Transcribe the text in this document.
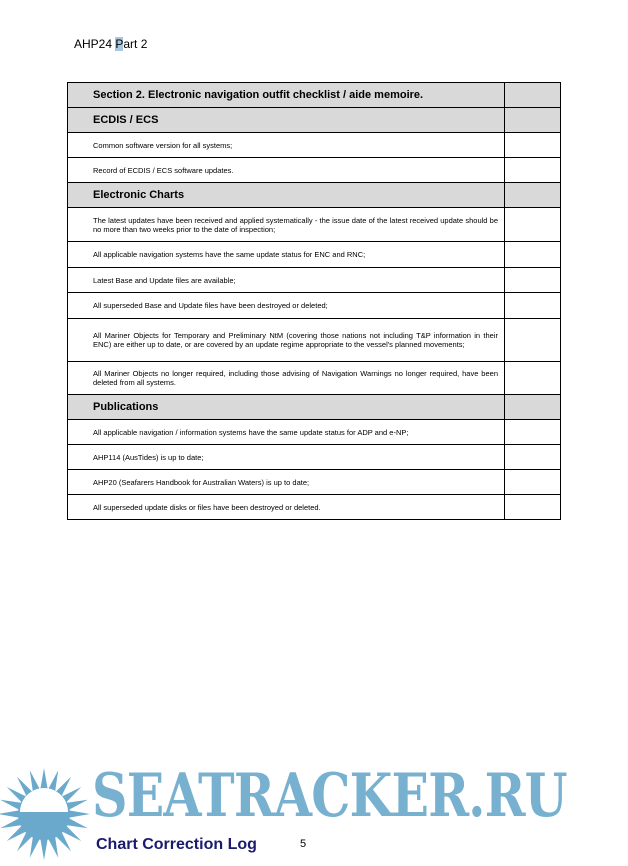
AHP24 Part 2
Section 2. Electronic navigation outfit checklist / aide memoire.	
ECDIS / ECS	
Common software version for all systems;	
Record of ECDIS / ECS software updates.	
Electronic Charts	
The latest updates have been received and applied systematically - the issue date of the latest received update should be no more than two weeks prior to the date of inspection;	
All applicable navigation systems have the same update status for ENC and RNC;	
Latest Base and Update files are available;	
All superseded Base and Update files have been destroyed or deleted;	
All Mariner Objects for Temporary and Preliminary NtM (covering those nations not including T&P information in their ENC) are either up to date, or are covered by an update regime appropriate to the vessel's planned movements;	
All Mariner Objects no longer required, including those advising of Navigation Warnings no longer required, have been deleted from all systems.	
Publications	
All applicable navigation / information systems have the same update status for ADP and e-NP;	
AHP114 (AusTides) is up to date;	
AHP20 (Seafarers Handbook for Australian Waters) is up to date;	
All superseded update disks or files have been destroyed or deleted.	
SEATRACKER.RU
Chart Correction Log	5
